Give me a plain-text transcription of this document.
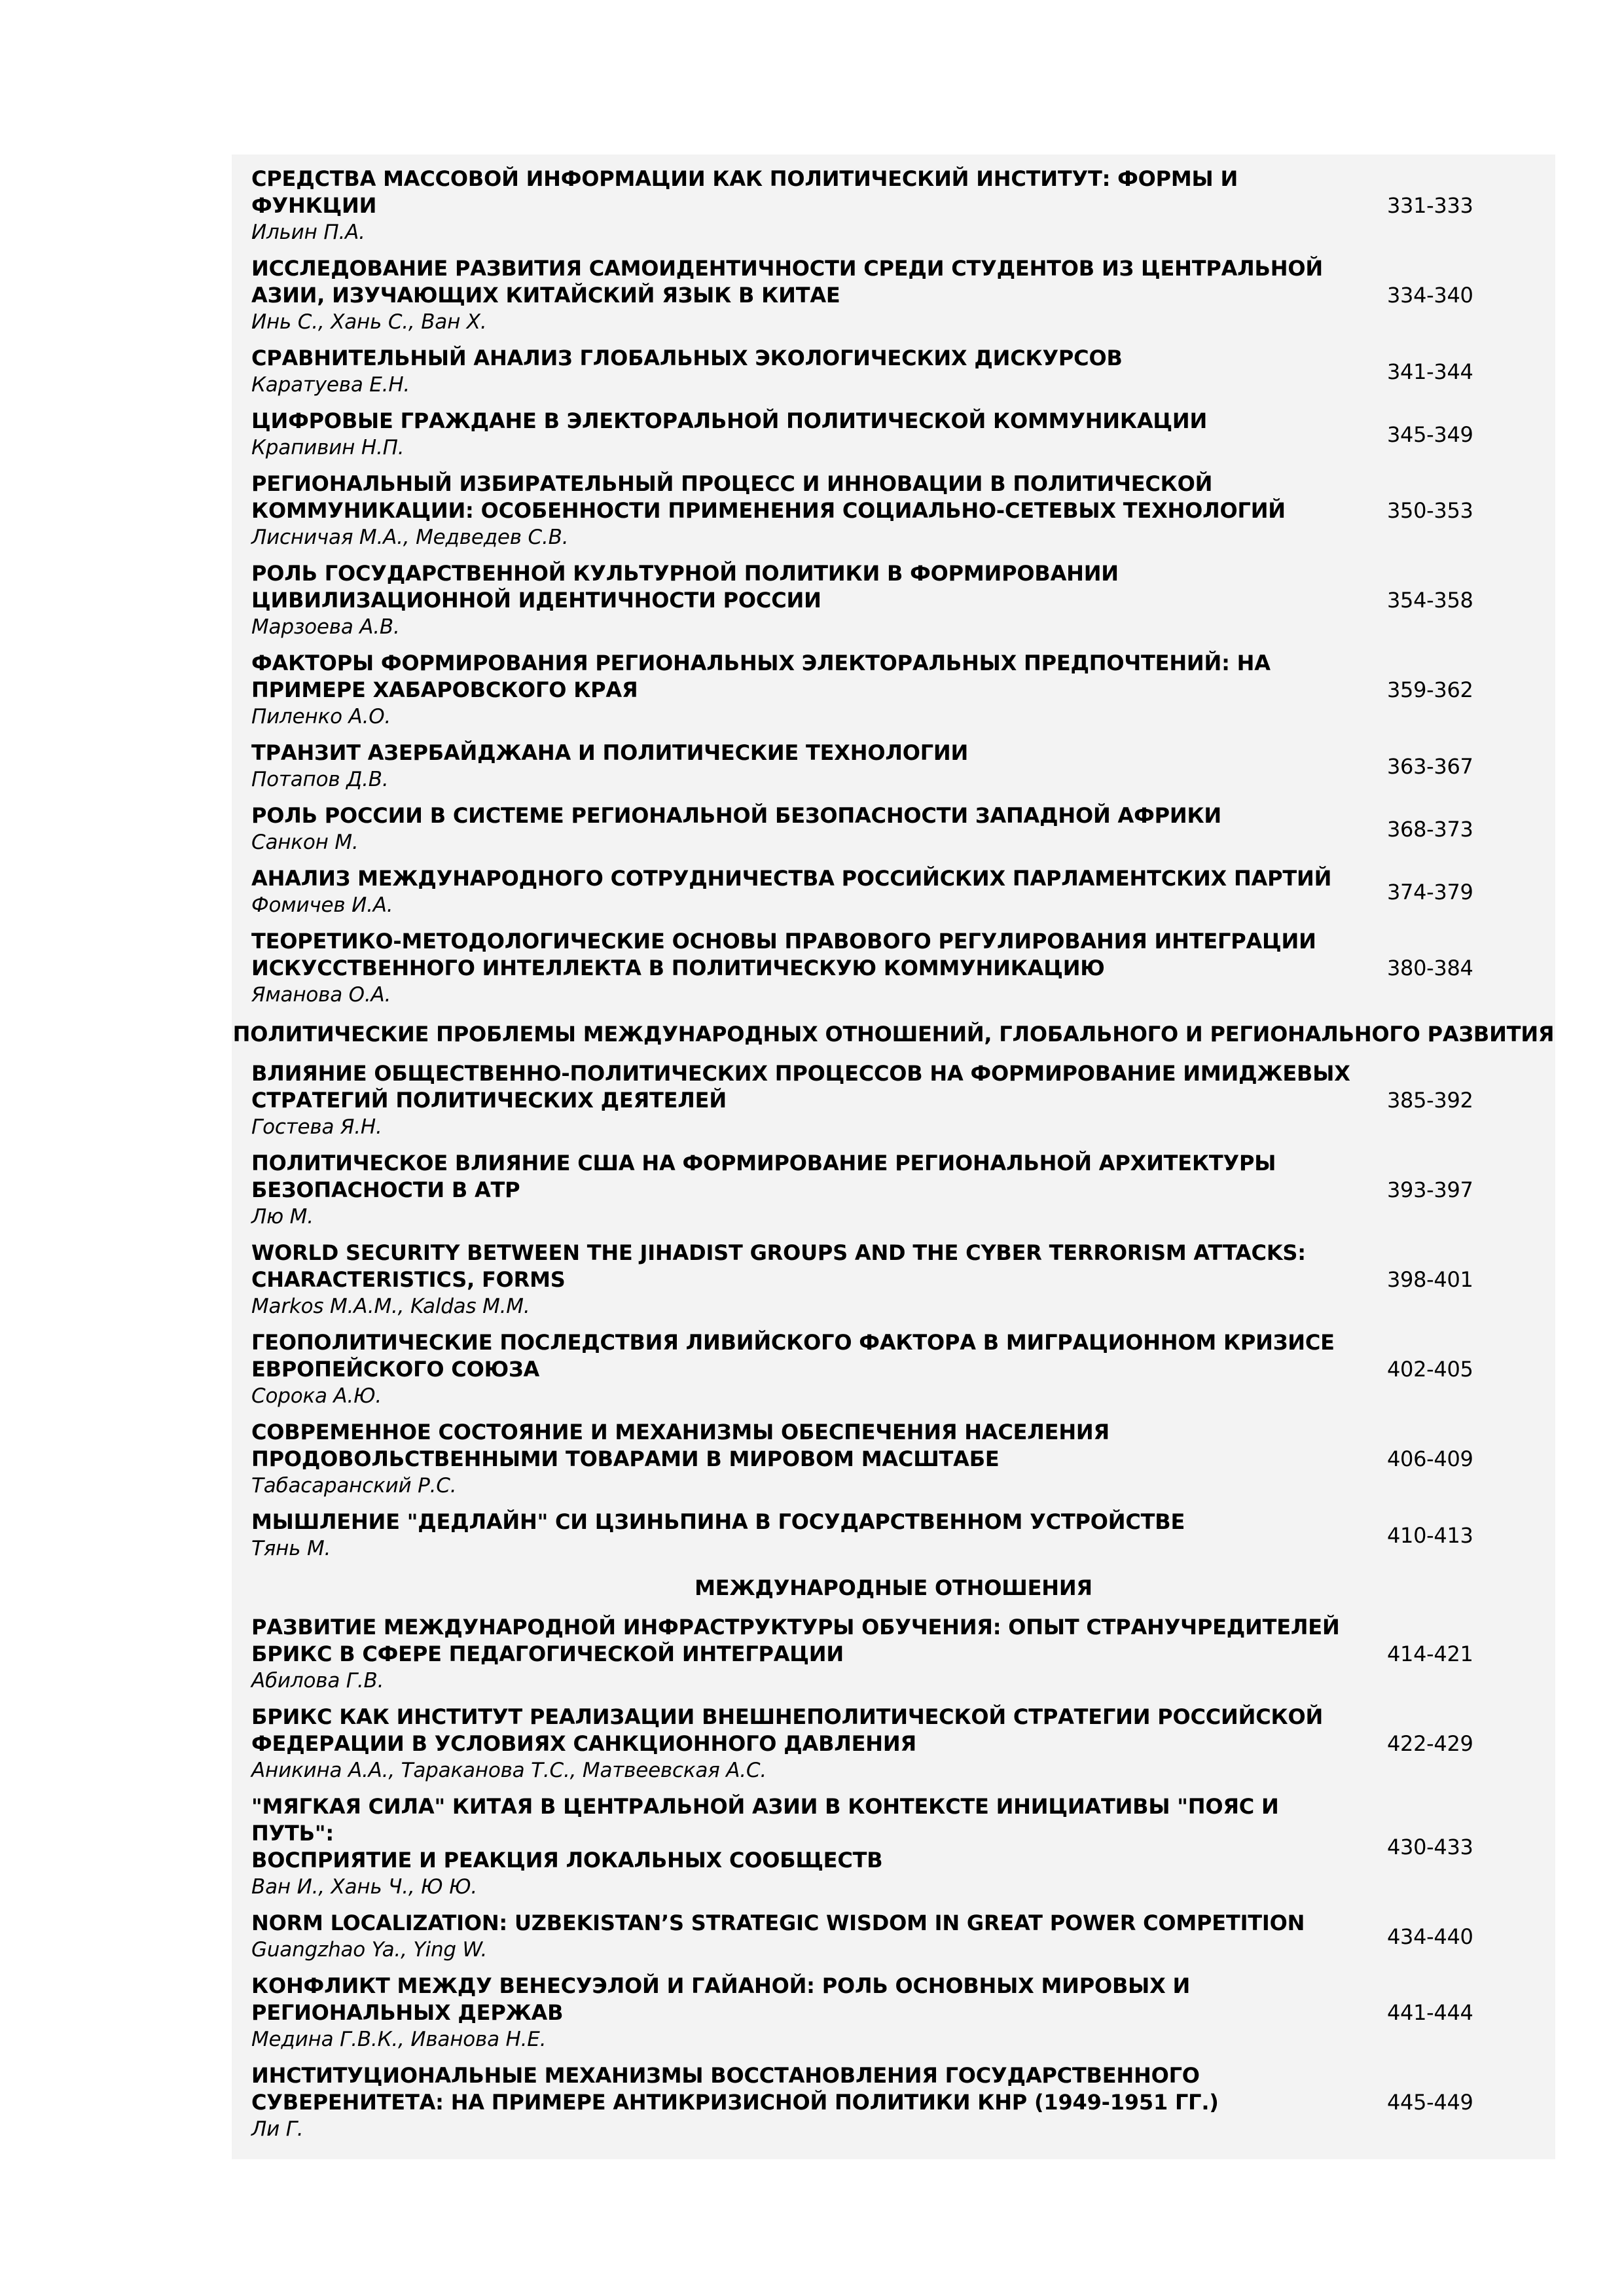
СРЕДСТВА МАССОВОЙ ИНФОРМАЦИИ КАК ПОЛИТИЧЕСКИЙ ИНСТИТУТ: ФОРМЫ И ФУНКЦИИ
Ильин П.А.
331-333
ИССЛЕДОВАНИЕ РАЗВИТИЯ САМОИДЕНТИЧНОСТИ СРЕДИ СТУДЕНТОВ ИЗ ЦЕНТРАЛЬНОЙ
АЗИИ, ИЗУЧАЮЩИХ КИТАЙСКИЙ ЯЗЫК В КИТАЕ
Инь С., Хань С., Ван Х.
334-340
СРАВНИТЕЛЬНЫЙ АНАЛИЗ ГЛОБАЛЬНЫХ ЭКОЛОГИЧЕСКИХ ДИСКУРСОВ
Каратуева Е.Н.
341-344
ЦИФРОВЫЕ ГРАЖДАНЕ В ЭЛЕКТОРАЛЬНОЙ ПОЛИТИЧЕСКОЙ КОММУНИКАЦИИ
Крапивин Н.П.
345-349
РЕГИОНАЛЬНЫЙ ИЗБИРАТЕЛЬНЫЙ ПРОЦЕСС И ИННОВАЦИИ В ПОЛИТИЧЕСКОЙ
КОММУНИКАЦИИ: ОСОБЕННОСТИ ПРИМЕНЕНИЯ СОЦИАЛЬНО-СЕТЕВЫХ ТЕХНОЛОГИЙ
Лисничая М.А., Медведев С.В.
350-353
РОЛЬ ГОСУДАРСТВЕННОЙ КУЛЬТУРНОЙ ПОЛИТИКИ В ФОРМИРОВАНИИ
ЦИВИЛИЗАЦИОННОЙ ИДЕНТИЧНОСТИ РОССИИ
Марзоева А.В.
354-358
ФАКТОРЫ ФОРМИРОВАНИЯ РЕГИОНАЛЬНЫХ ЭЛЕКТОРАЛЬНЫХ ПРЕДПОЧТЕНИЙ: НА
ПРИМЕРЕ ХАБАРОВСКОГО КРАЯ
Пиленко А.О.
359-362
ТРАНЗИТ АЗЕРБАЙДЖАНА И ПОЛИТИЧЕСКИЕ ТЕХНОЛОГИИ
Потапов Д.В.
363-367
РОЛЬ РОССИИ В СИСТЕМЕ РЕГИОНАЛЬНОЙ БЕЗОПАСНОСТИ ЗАПАДНОЙ АФРИКИ
Санкон М.
368-373
АНАЛИЗ МЕЖДУНАРОДНОГО СОТРУДНИЧЕСТВА РОССИЙСКИХ ПАРЛАМЕНТСКИХ ПАРТИЙ
Фомичев И.А.
374-379
ТЕОРЕТИКО-МЕТОДОЛОГИЧЕСКИЕ ОСНОВЫ ПРАВОВОГО РЕГУЛИРОВАНИЯ ИНТЕГРАЦИИ
ИСКУССТВЕННОГО ИНТЕЛЛЕКТА В ПОЛИТИЧЕСКУЮ КОММУНИКАЦИЮ
Яманова О.А.
380-384
ПОЛИТИЧЕСКИЕ ПРОБЛЕМЫ МЕЖДУНАРОДНЫХ ОТНОШЕНИЙ, ГЛОБАЛЬНОГО И РЕГИОНАЛЬНОГО РАЗВИТИЯ
ВЛИЯНИЕ ОБЩЕСТВЕННО-ПОЛИТИЧЕСКИХ ПРОЦЕССОВ НА ФОРМИРОВАНИЕ ИМИДЖЕВЫХ
СТРАТЕГИЙ ПОЛИТИЧЕСКИХ ДЕЯТЕЛЕЙ
Гостева Я.Н.
385-392
ПОЛИТИЧЕСКОЕ ВЛИЯНИЕ США НА ФОРМИРОВАНИЕ РЕГИОНАЛЬНОЙ АРХИТЕКТУРЫ
БЕЗОПАСНОСТИ В АТР
Лю М.
393-397
WORLD SECURITY BETWEEN THE JIHADIST GROUPS AND THE CYBER TERRORISM ATTACKS:
CHARACTERISTICS, FORMS
Markos M.A.M., Kaldas M.M.
398-401
ГЕОПОЛИТИЧЕСКИЕ ПОСЛЕДСТВИЯ ЛИВИЙСКОГО ФАКТОРА В МИГРАЦИОННОМ КРИЗИСЕ
ЕВРОПЕЙСКОГО СОЮЗА
Сорока А.Ю.
402-405
СОВРЕМЕННОЕ СОСТОЯНИЕ И МЕХАНИЗМЫ ОБЕСПЕЧЕНИЯ НАСЕЛЕНИЯ
ПРОДОВОЛЬСТВЕННЫМИ ТОВАРАМИ В МИРОВОМ МАСШТАБЕ
Табасаранский Р.С.
406-409
МЫШЛЕНИЕ "ДЕДЛАЙН" СИ ЦЗИНЬПИНА В ГОСУДАРСТВЕННОМ УСТРОЙСТВЕ
Тянь М.
410-413
МЕЖДУНАРОДНЫЕ ОТНОШЕНИЯ
РАЗВИТИЕ МЕЖДУНАРОДНОЙ ИНФРАСТРУКТУРЫ ОБУЧЕНИЯ: ОПЫТ СТРАНУЧРЕДИТЕЛЕЙ
БРИКС В СФЕРЕ ПЕДАГОГИЧЕСКОЙ ИНТЕГРАЦИИ
Абилова Г.В.
414-421
БРИКС КАК ИНСТИТУТ РЕАЛИЗАЦИИ ВНЕШНЕПОЛИТИЧЕСКОЙ СТРАТЕГИИ РОССИЙСКОЙ
ФЕДЕРАЦИИ В УСЛОВИЯХ САНКЦИОННОГО ДАВЛЕНИЯ
Аникина А.А., Тараканова Т.С., Матвеевская А.С.
422-429
"МЯГКАЯ СИЛА" КИТАЯ В ЦЕНТРАЛЬНОЙ АЗИИ В КОНТЕКСТЕ ИНИЦИАТИВЫ "ПОЯС И ПУТЬ":
ВОСПРИЯТИЕ И РЕАКЦИЯ ЛОКАЛЬНЫХ СООБЩЕСТВ
Ван И., Хань Ч., Ю Ю.
430-433
NORM LOCALIZATION: UZBEKISTAN’S STRATEGIC WISDOM IN GREAT POWER COMPETITION
Guangzhao Ya., Ying W.
434-440
КОНФЛИКТ МЕЖДУ ВЕНЕСУЭЛОЙ И ГАЙАНОЙ: РОЛЬ ОСНОВНЫХ МИРОВЫХ И
РЕГИОНАЛЬНЫХ ДЕРЖАВ
Медина Г.В.К., Иванова Н.Е.
441-444
ИНСТИТУЦИОНАЛЬНЫЕ МЕХАНИЗМЫ ВОССТАНОВЛЕНИЯ ГОСУДАРСТВЕННОГО
СУВЕРЕНИТЕТА: НА ПРИМЕРЕ АНТИКРИЗИСНОЙ ПОЛИТИКИ КНР (1949-1951 ГГ.)
Ли Г.
445-449
